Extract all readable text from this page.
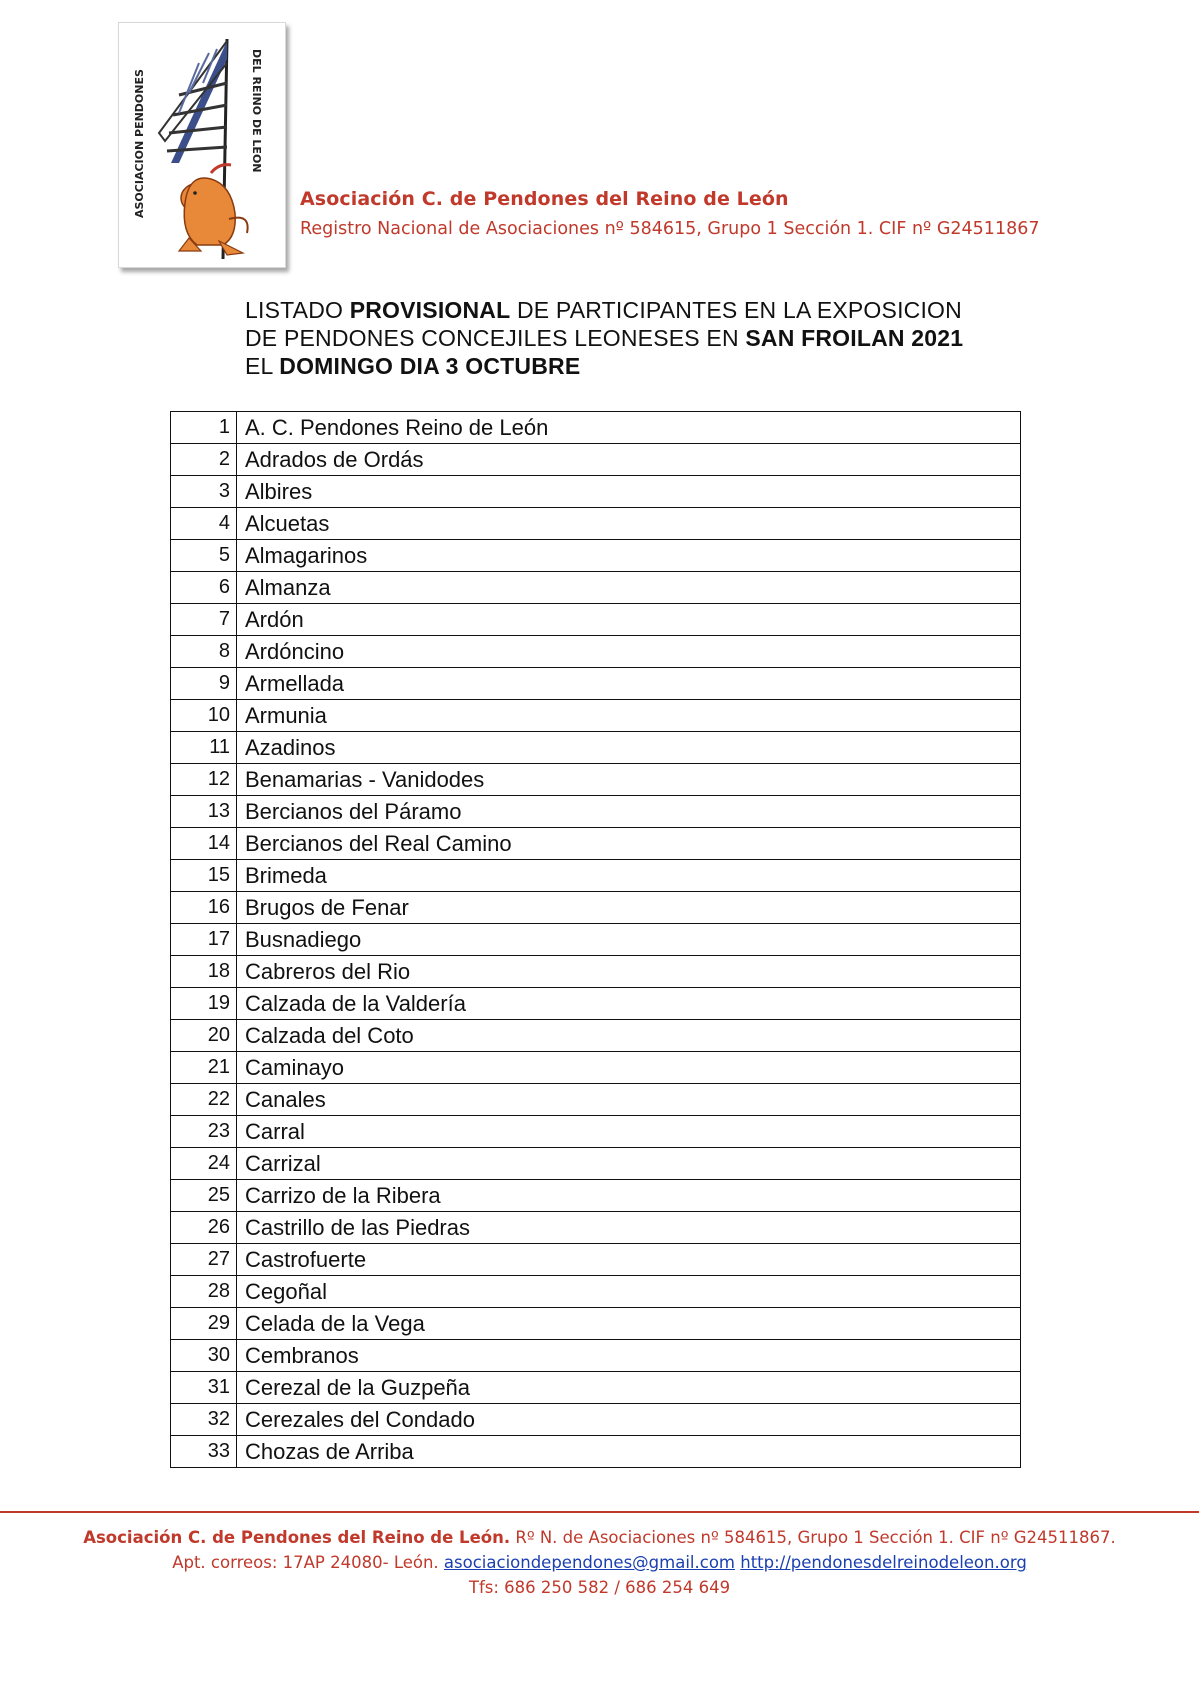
ASOCIACION PENDONES	DEL REINO DE LEON
Asociación C. de Pendones del Reino de León
Registro Nacional de Asociaciones nº 584615, Grupo 1 Sección 1. CIF nº G24511867
LISTADO PROVISIONAL DE PARTICIPANTES EN LA EXPOSICION
DE PENDONES CONCEJILES LEONESES EN SAN FROILAN 2021
EL DOMINGO DIA 3 OCTUBRE
1	A. C. Pendones Reino de León
2	Adrados de Ordás
3	Albires
4	Alcuetas
5	Almagarinos
6	Almanza
7	Ardón
8	Ardóncino
9	Armellada
10	Armunia
11	Azadinos
12	Benamarias - Vanidodes
13	Bercianos del Páramo
14	Bercianos del Real Camino
15	Brimeda
16	Brugos de Fenar
17	Busnadiego
18	Cabreros del Rio
19	Calzada de la Valdería
20	Calzada del Coto
21	Caminayo
22	Canales
23	Carral
24	Carrizal
25	Carrizo de la Ribera
26	Castrillo de las Piedras
27	Castrofuerte
28	Cegoñal
29	Celada de la Vega
30	Cembranos
31	Cerezal de la Guzpeña
32	Cerezales del Condado
33	Chozas de Arriba
Asociación C. de Pendones del Reino de León. Rº N. de Asociaciones nº 584615, Grupo 1 Sección 1. CIF nº G24511867.
Apt. correos: 17AP 24080- León. asociaciondependones@gmail.com http://pendonesdelreinodeleon.org
Tfs: 686 250 582 / 686 254 649
